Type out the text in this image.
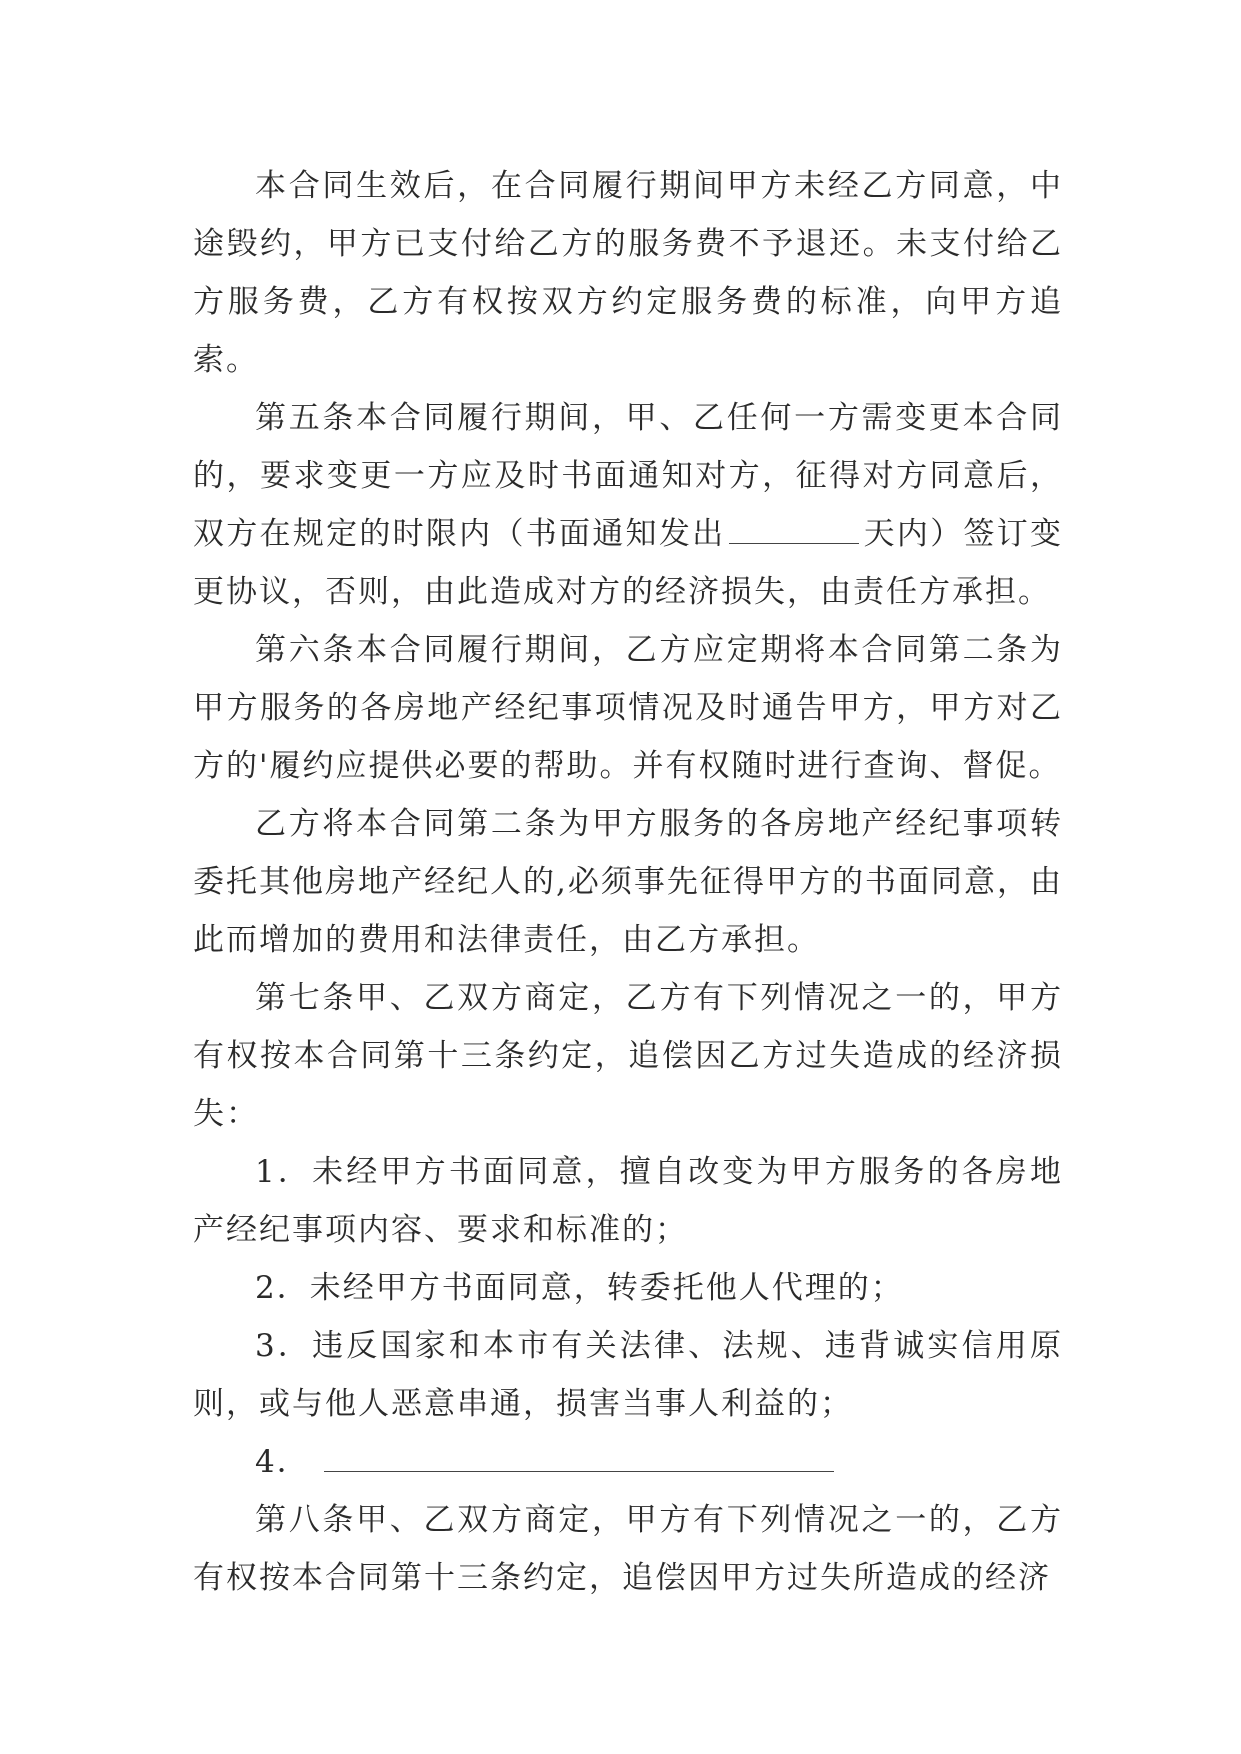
本合同生效后，在合同履行期间甲方未经乙方同意，中途毁约，甲方已支付给乙方的服务费不予退还。未支付给乙方服务费，乙方有权按双方约定服务费的标准，向甲方追索。

第五条本合同履行期间，甲、乙任何一方需变更本合同的，要求变更一方应及时书面通知对方，征得对方同意后，双方在规定的时限内（书面通知发出	天内）签订变更协议，否则，由此造成对方的经济损失，由责任方承担。

第六条本合同履行期间，乙方应定期将本合同第二条为甲方服务的各房地产经纪事项情况及时通告甲方，甲方对乙方的'履约应提供必要的帮助。并有权随时进行查询、督促。

乙方将本合同第二条为甲方服务的各房地产经纪事项转委托其他房地产经纪人的,必须事先征得甲方的书面同意，由此而增加的费用和法律责任，由乙方承担。

第七条甲、乙双方商定，乙方有下列情况之一的，甲方有权按本合同第十三条约定，追偿因乙方过失造成的经济损失：

1．未经甲方书面同意，擅自改变为甲方服务的各房地产经纪事项内容、要求和标准的；

2．未经甲方书面同意，转委托他人代理的；

3．违反国家和本市有关法律、法规、违背诚实信用原则，或与他人恶意串通，损害当事人利益的；

4．

第八条甲、乙双方商定，甲方有下列情况之一的，乙方有权按本合同第十三条约定，追偿因甲方过失所造成的经济
